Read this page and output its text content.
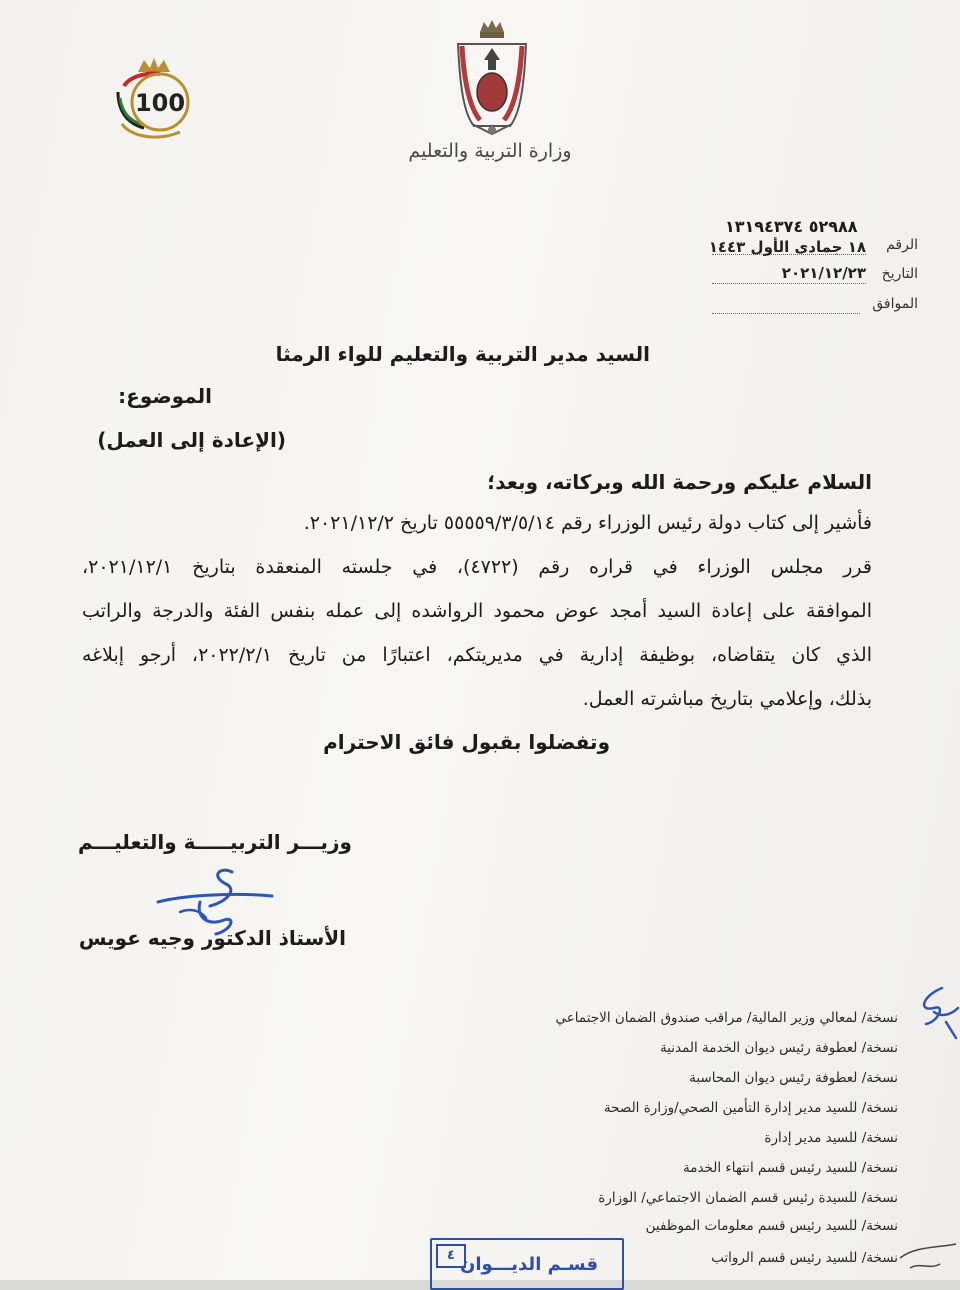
100
وزارة التربية والتعليم
٥٢٩٨٨ ١٣١٩٤٣٧٤
الرقم
١٨ جمادى الأول ١٤٤٣
التاريخ
٢٠٢١/١٢/٢٣
الموافق
السيد مدير التربية والتعليم للواء الرمثا
الموضوع:
(الإعادة إلى العمل)
السلام عليكم ورحمة الله وبركاته، وبعد؛
فأشير إلى كتاب دولة رئيس الوزراء رقم ٥٥٥٥٩/٣/٥/١٤ تاريخ ٢٠٢١/١٢/٢.
قرر مجلس الوزراء في قراره رقم (٤٧٢٢)، في جلسته المنعقدة بتاريخ ٢٠٢١/١٢/١،
الموافقة على إعادة السيد أمجد عوض محمود الرواشده إلى عمله بنفس الفئة والدرجة والراتب
الذي كان يتقاضاه، بوظيفة إدارية في مديريتكم، اعتبارًا من تاريخ ٢٠٢٢/٢/١، أرجو إبلاغه
بذلك، وإعلامي بتاريخ مباشرته العمل.
وتفضلوا بقبول فائق الاحترام
وزيـــر التربيـــــة والتعليـــم
الأستاذ الدكتور وجيه عويس
نسخة/ لمعالي وزير المالية/ مراقب صندوق الضمان الاجتماعي
نسخة/ لعطوفة رئيس ديوان الخدمة المدنية
نسخة/ لعطوفة رئيس ديوان المحاسبة
نسخة/ للسيد مدير إدارة التأمين الصحي/وزارة الصحة
نسخة/ للسيد مدير إدارة
نسخة/ للسيد رئيس قسم انتهاء الخدمة
نسخة/ للسيدة رئيس قسم الضمان الاجتماعي/ الوزارة
نسخة/ للسيد رئيس قسم معلومات الموظفين
نسخة/ للسيد رئيس قسم الرواتب
قسـم الديـــوان
٤
